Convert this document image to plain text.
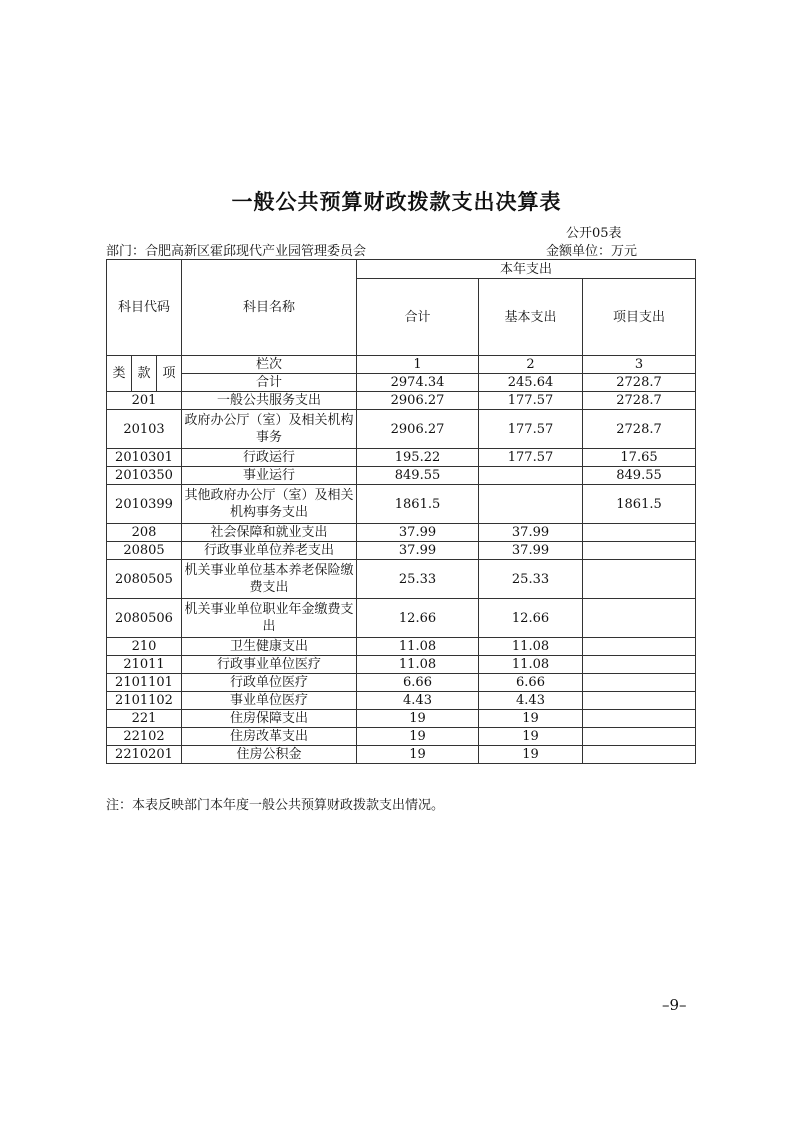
一般公共预算财政拨款支出决算表
公开05表
部门：合肥高新区霍邱现代产业园管理委员会	金额单位：万元
科目代码			科目名称	本年支出		
				合计	基本支出	项目支出
类	款	项	栏次	1	2	3
			合计	2974.34	245.64	2728.7
201			一般公共服务支出	2906.27	177.57	2728.7
20103			政府办公厅（室）及相关机构事务	2906.27	177.57	2728.7
2010301			行政运行	195.22	177.57	17.65
2010350			事业运行	849.55		849.55
2010399			其他政府办公厅（室）及相关机构事务支出	1861.5		1861.5
208			社会保障和就业支出	37.99	37.99	
20805			行政事业单位养老支出	37.99	37.99	
2080505			机关事业单位基本养老保险缴费支出	25.33	25.33	
2080506			机关事业单位职业年金缴费支出	12.66	12.66	
210			卫生健康支出	11.08	11.08	
21011			行政事业单位医疗	11.08	11.08	
2101101			行政单位医疗	6.66	6.66	
2101102			事业单位医疗	4.43	4.43	
221			住房保障支出	19	19	
22102			住房改革支出	19	19	
2210201			住房公积金	19	19	
注：本表反映部门本年度一般公共预算财政拨款支出情况。
–9–
